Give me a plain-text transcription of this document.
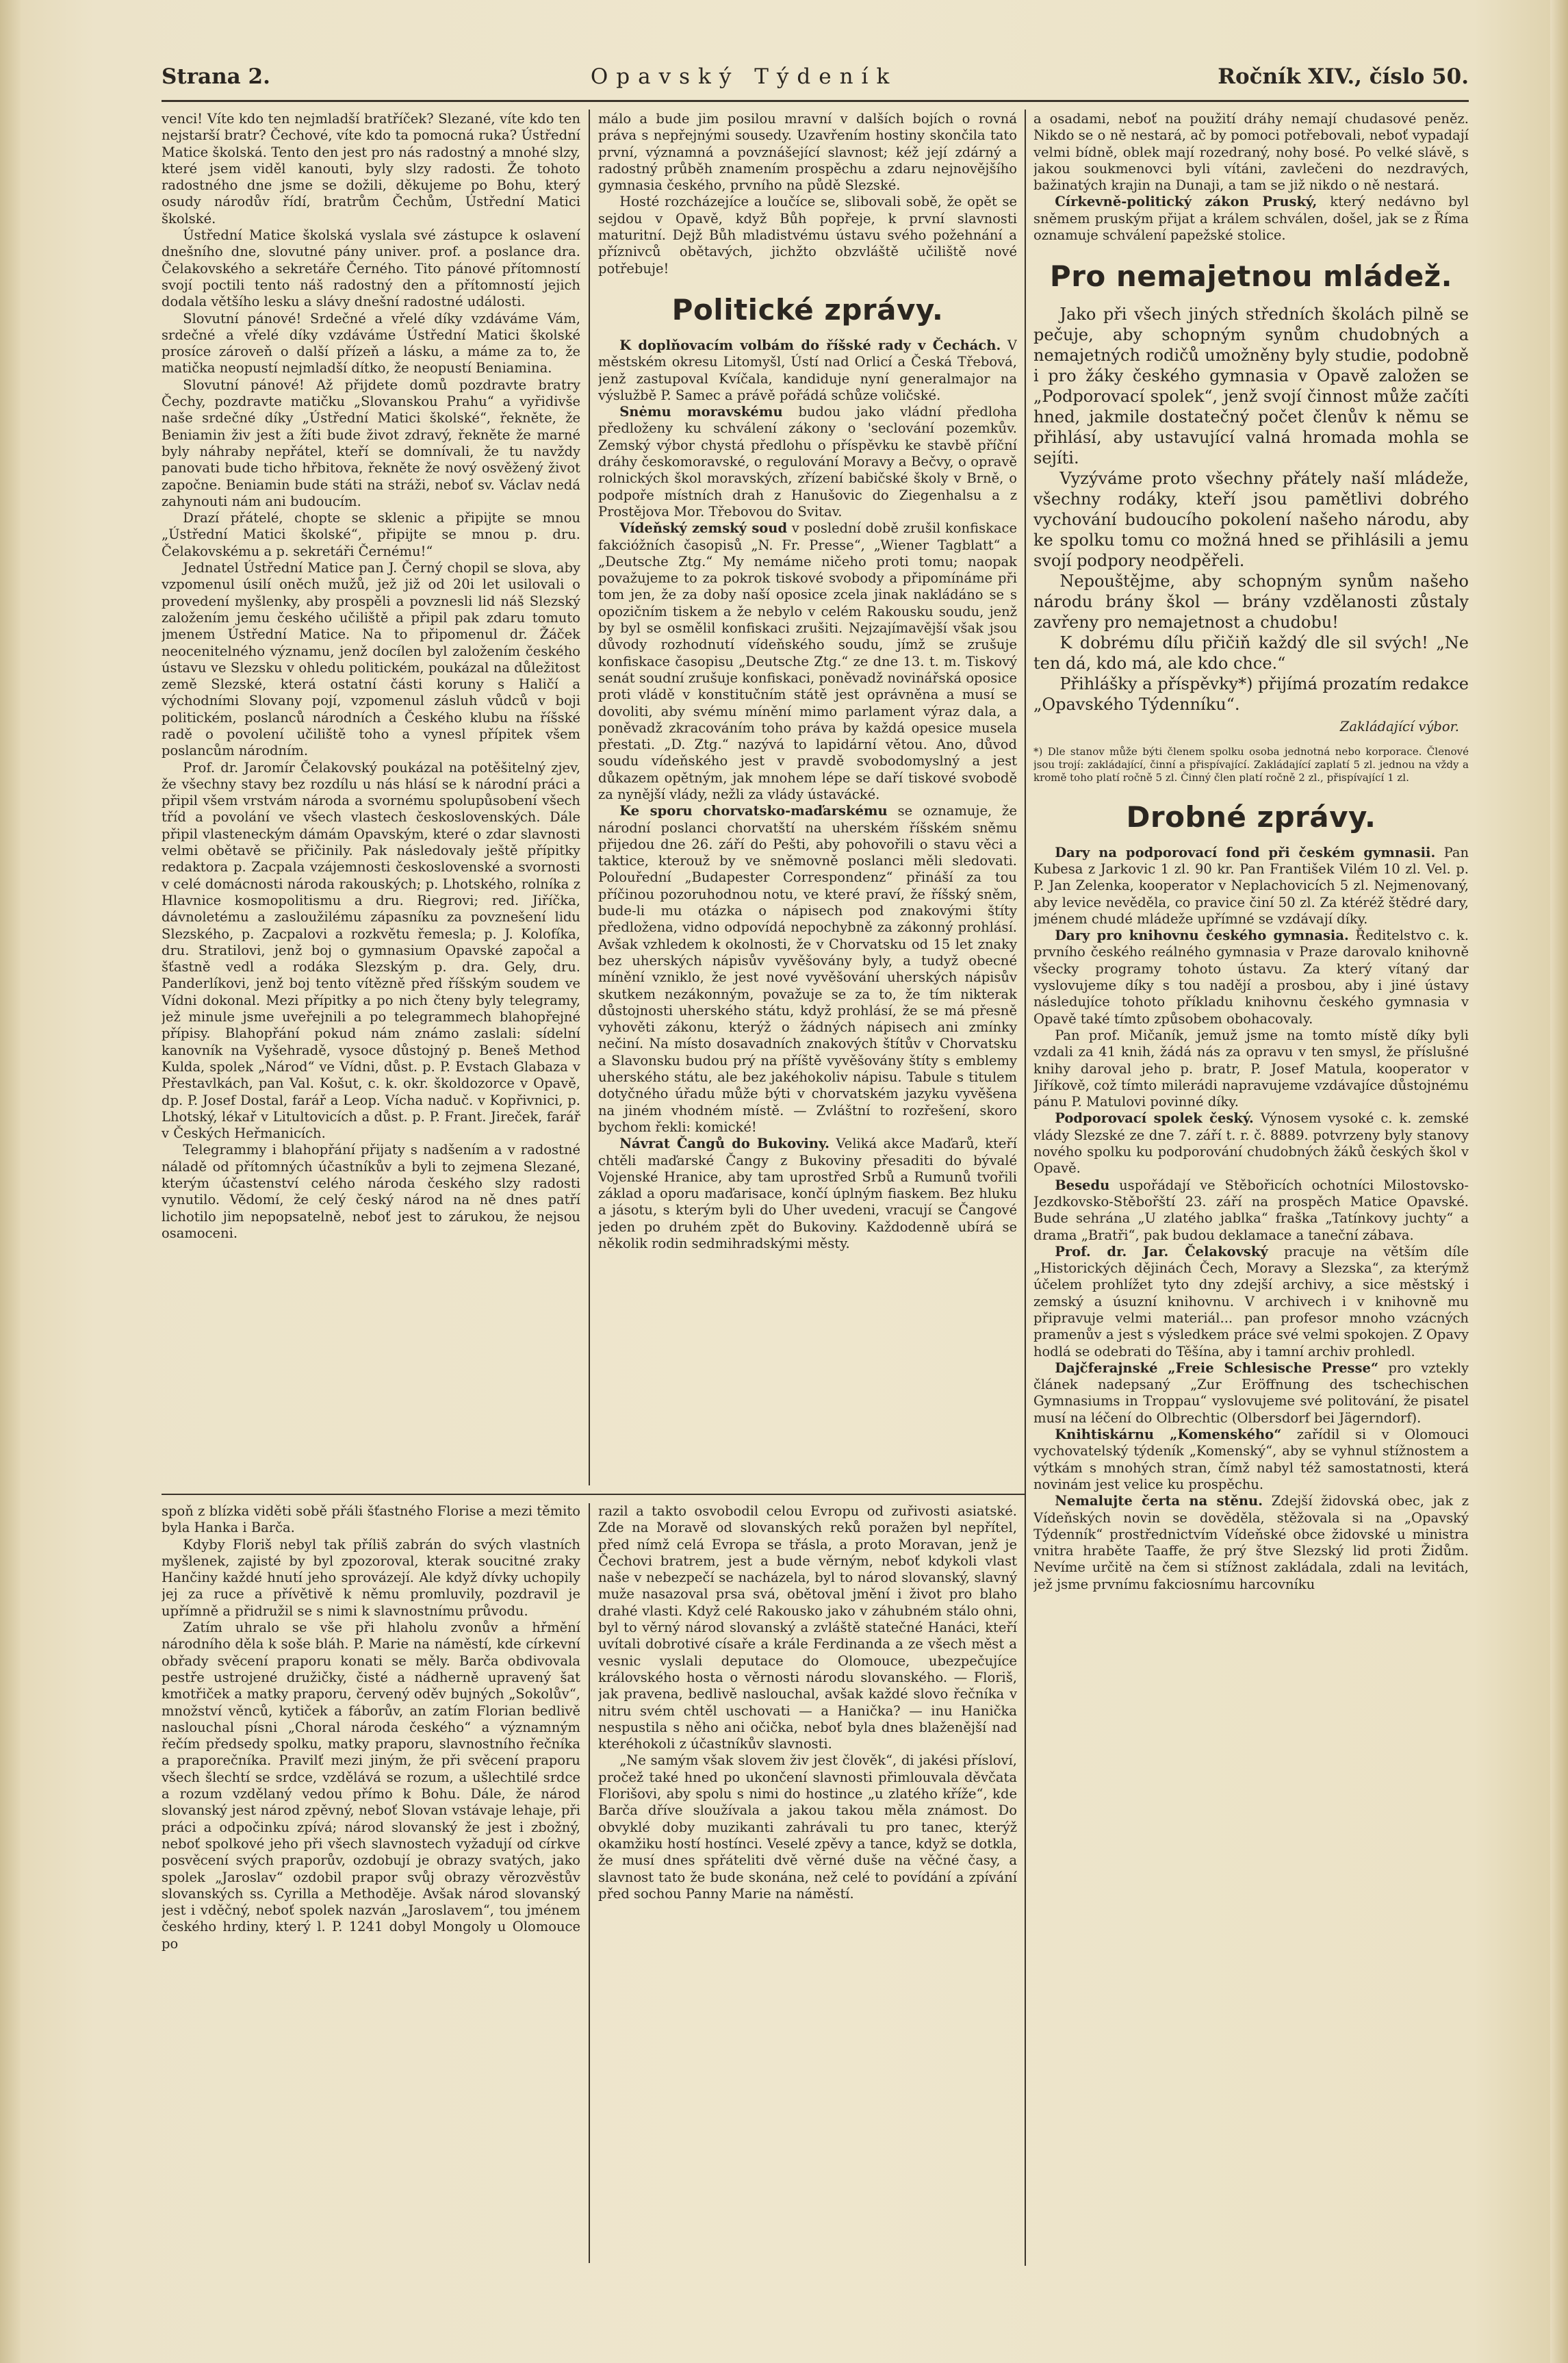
Strana 2.	Opavský Týdeník	Ročník XIV., číslo 50.

venci! Víte kdo ten nejmladší bratříček? Slezané, víte kdo ten nejstarší bratr? Čechové, víte kdo ta pomocná ruka? Ústřední Matice školská. Tento den jest pro nás radostný a mnohé slzy, které jsem viděl kanouti, byly slzy radosti. Že tohoto radostného dne jsme se dožili, děkujeme po Bohu, který osudy národův řídí, bratrům Čechům, Ústřední Matici školské.

Ústřední Matice školská vyslala své zástupce k oslavení dnešního dne, slovutné pány univer. prof. a poslance dra. Čelakovského a sekretáře Černého. Tito pánové přítomností svojí poctili tento náš radostný den a přítomností jejich dodala většího lesku a slávy dnešní radostné události.

Slovutní pánové! Srdečné a vřelé díky vzdáváme Vám, srdečné a vřelé díky vzdáváme Ústřední Matici školské prosíce zároveň o další přízeň a lásku, a máme za to, že matička neopustí nejmladší dítko, že neopustí Beniamina.

Slovutní pánové! Až přijdete domů pozdravte bratry Čechy, pozdravte matičku „Slovanskou Prahu“ a vyřidivše naše srdečné díky „Ústřední Matici školské“, řekněte, že Beniamin živ jest a žíti bude život zdravý, řekněte že marné byly náhraby nepřátel, kteří se domnívali, že tu navždy panovati bude ticho hřbitova, řekněte že nový osvěžený život započne. Beniamin bude státi na stráži, neboť sv. Václav nedá zahynouti nám ani budoucím.

Drazí přátelé, chopte se sklenic a připijte se mnou „Ústřední Matici školské“, připijte se mnou p. dru. Čelakovskému a p. sekretáři Černému!“

Jednatel Ústřední Matice pan J. Černý chopil se slova, aby vzpomenul úsilí oněch mužů, jež již od 20i let usilovali o provedení myšlenky, aby prospěli a povznesli lid náš Slezský založením jemu českého učiliště a připil pak zdaru tomuto jmenem Ústřední Matice. Na to připomenul dr. Žáček neocenitelného významu, jenž docílen byl založením českého ústavu ve Slezsku v ohledu politickém, poukázal na důležitost země Slezské, která ostatní části koruny s Haličí a východními Slovany pojí, vzpomenul zásluh vůdců v boji politickém, poslanců národních a Českého klubu na říšské radě o povolení učiliště toho a vynesl přípitek všem poslancům národním.

Prof. dr. Jaromír Čelakovský poukázal na potěšitelný zjev, že všechny stavy bez rozdílu u nás hlásí se k národní práci a připil všem vrstvám národa a svornému spolupůsobení všech tříd a povolání ve všech vlastech československých. Dále připil vlasteneckým dámám Opavským, které o zdar slavnosti velmi obětavě se přičinily. Pak následovaly ještě přípitky redaktora p. Zacpala vzájemnosti československé a svornosti v celé domácnosti národa rakouských; p. Lhotského, rolníka z Hlavnice kosmopolitismu a dru. Riegrovi; red. Jiříčka, dávnoletému a zasloužilému zápasníku za povznešení lidu Slezského, p. Zacpalovi a rozkvětu řemesla; p. J. Kolofíka, dru. Stratilovi, jenž boj o gymnasium Opavské započal a šťastně vedl a rodákа Slezským p. dra. Gely, dru. Panderlíkovi, jenž boj tento vítězně před říšským soudem ve Vídni dokonal. Mezi přípitky a po nich čteny byly telegramy, jež minule jsme uveřejnili a po telegrammech blahopřejné přípisy. Blahopřání pokud nám známo zaslali: sídelní kanovník na Vyšehradě, vysoce důstojný p. Beneš Method Kulda, spolek „Národ“ ve Vídni, důst. p. P. Evstach Glabaza v Přestavlkách, pan Val. Košut, c. k. okr. školdozorce v Opavě, dp. P. Josef Dostal, farář a Leop. Vícha naduč. v Kopřivnici, p. Lhotský, lékař v Litultovicích a důst. p. P. Frant. Jireček, farář v Českých Heřmanicích.

Telegrammy i blahopřání přijaty s nadšením a v radostné náladě od přítomných účastníkův a byli to zejmena Slezané, kterým účastenství celého národa českého slzy radosti vynutilo. Vědomí, že celý český národ na ně dnes patří lichotilo jim nepopsatelně, neboť jest to zárukou, že nejsou osamoceni.

málo a bude jim posilou mravní v dalších bojích o rovná práva s nepřejnými sousedy. Uzavřením hostiny skončila tato první, významná a povznášející slavnost; kéž její zdárný a radostný průběh znamením prospěchu a zdaru nejnovějšího gymnasia českého, prvního na půdě Slezské.

Hosté rozcházejíce a loučíce se, slibovali sobě, že opět se sejdou v Opavě, když Bůh popřeje, k první slavnosti maturitní. Dejž Bůh mladistvému ústavu svého požehnání a příznivců obětavých, jichžto obzvláště učiliště nové potřebuje!

Politické zprávy.

K doplňovacím volbám do říšské rady v Čechách. V městském okresu Litomyšl, Ústí nad Orlicí a Česká Třebová, jenž zastupoval Kvíčala, kandiduje nyní generalmajor na výslužbě P. Samec a právě pořádá schůze voličské.

Snėmu moravskému budou jako vládní předloha předloženy ku schválení zákony o 'seclování pozemkův. Zemský výbor chystá předlohu o příspěvku ke stavbě příční dráhy českomoravské, o regulování Moravy a Bečvy, o opravě rolnických škol moravských, zřízení babičské školy v Brně, o podpoře místních drah z Hanušovic do Ziegenhalsu a z Prostějova Mor. Třebovou do Svitav.

Vídeňský zemský soud v poslední době zrušil konfiskace fakcióžních časopisů „N. Fr. Presse“, „Wiener Tagblatt“ a „Deutsche Ztg.“ My nemáme ničeho proti tomu; naopak považujeme to za pokrok tiskové svobody a připomínáme při tom jen, že za doby naší oposice zcela jinak nakládáno se s opozičním tiskem a že nebylo v celém Rakousku soudu, jenž by byl se osmělil konfiskaci zrušiti. Nejzajímavější však jsou důvody rozhodnutí vídeňského soudu, jímž se zrušuje konfiskace časopisu „Deutsche Ztg.“ ze dne 13. t. m. Tiskový senát soudní zrušuje konfiskaci, poněvadž novinářská oposice proti vládě v konstitučním státě jest oprávněna a musí se dovoliti, aby svému mínění mimo parlament výraz dala, a poněvadž zkracováním toho práva by každá opesice musela přestati. „D. Ztg.“ nazývá to lapidární větou. Ano, důvod soudu vídeňského jest v pravdě svobodomyslný a jest důkazem opětným, jak mnohem lépe se daří tiskové svobodě za nynější vlády, nežli za vlády ústavácké.

Ke sporu chorvatsko-maďarskému se oznamuje, že národní poslanci chorvatští na uherském říšském sněmu přijedou dne 26. září do Pešti, aby pohovořili o stavu věci a taktice, kterouž by ve sněmovně poslanci měli sledovati. Polouřední „Budapester Correspondenz“ přináší za tou příčinou pozoruhodnou notu, ve které praví, že říšský sněm, bude-li mu otázka o nápisech pod znakovými štíty předložena, vidno odpovídá nepochybně za zákonný prohlásí. Avšak vzhledem k okolnosti, že v Chorvatsku od 15 let znaky bez uherských nápisův vyvěšovány byly, a tudyž obecné mínění vzniklo, že jest nové vyvěšování uherských nápisův skutkem nezákonným, považuje se za to, že tím nikterak důstojnosti uherského státu, když prohlásí, že se má přesně vyhověti zákonu, kterýž o žádných nápisech ani zmínky nečiní. Na místo dosavadních znakových štítův v Chorvatsku a Slavonsku budou prý na příště vyvěšovány štíty s emblemy uherského státu, ale bez jakéhokoliv nápisu. Tabule s titulem dotyčného úřadu může býti v chorvatském jazyku vyvěšena na jiném vhodném místě. — Zvláštní to rozřešení, skoro bychom řekli: komické!

Návrat Čangů do Bukoviny. Veliká akce Maďarů, kteří chtěli maďarské Čangy z Bukoviny přesaditi do bývalé Vojenské Hranice, aby tam uprostřed Srbů a Rumunů tvořili základ a oporu maďarisace, končí úplným fiaskem. Bez hluku a jásotu, s kterým byli do Uher uvedeni, vracují se Čangové jeden po druhém zpět do Bukoviny. Každodenně ubírá se několik rodin sedmihradskými městy.

a osadami, neboť na použití dráhy nemají chudasové peněz. Nikdo se o ně nestará, ač by pomoci potřebovali, neboť vypadají velmi bídně, oblek mají rozedraný, nohy bosé. Po velké slávě, s jakou soukmenovci byli vítáni, zavlečeni do nezdravých, bažinatých krajin na Dunaji, a tam se již nikdo o ně nestará.

Církevně-politický zákon Pruský, který nedávno byl sněmem pruským přijat a králem schválen, došel, jak se z Říma oznamuje schválení papežské stolice.

Pro nemajetnou mládež.

Jako při všech jiných středních školách pilně se pečuje, aby schopným synům chudobných a nemajetných rodičů umožněny byly studie, podobně i pro žáky českého gymnasia v Opavě založen se „Podporovací spolek“, jenž svojí činnost může začíti hned, jakmile dostatečný počet členův k němu se přihlásí, aby ustavující valná hromada mohla se sejíti.

Vyzýváme proto všechny přátely naší mládeže, všechny rodáky, kteří jsou pamětlivi dobrého vychování budoucího pokolení našeho národu, aby ke spolku tomu co možná hned se přihlásili a jemu svojí podpory neodpěřeli.

Nepouštějme, aby schopným synům našeho národu brány škol — brány vzdělanosti zůstaly zavřeny pro nemajetnost a chudobu!

K dobrému dílu přičiň každý dle sil svých! „Ne ten dá, kdo má, ale kdo chce.“

Přihlášky a příspěvky*) přijímá prozatím redakce „Opavského Týdenníku“.

Zakládající výbor.
*) Dle stanov může býti členem spolku osoba jednotná nebo korporace. Členové jsou trojí: zakládající, činní a přispívající. Zakládající zaplatí 5 zl. jednou na vždy a kromě toho platí ročně 5 zl. Činný člen platí ročně 2 zl., přispívající 1 zl.
Drobné zprávy.

Dary na podporovací fond při českém gymnasii. Pan Kubesa z Jarkovic 1 zl. 90 kr. Pan František Vilém 10 zl. Vel. p. P. Jan Zelenka, kooperator v Neplachovicích 5 zl. Nejmenovaný, aby levice nevěděla, co pravice činí 50 zl. Za ktéréž štědré dary, jménem chudé mládeže upřímné se vzdávají díky.

Dary pro knihovnu českého gymnasia. Ředitelstvo c. k. prvního českého reálného gymnasia v Praze darovalo knihovně všecky programy tohoto ústavu. Za který vítaný dar vyslovujeme díky s tou nadějí a prosbou, aby i jiné ústavy následujíce tohoto příkladu knihovnu českého gymnasia v Opavě také tímto způsobem obohacovaly.

Pan prof. Mičaník, jemuž jsme na tomto místě díky byli vzdali za 41 knih, žádá nás za opravu v ten smysl, že příslušné knihy daroval jeho p. bratr, P. Josef Matula, kooperator v Jiříkově, což tímto milerádi napravujeme vzdávajíce důstojnému pánu P. Matulovi povinné díky.

Podporovací spolek český. Výnosem vysoké c. k. zemské vlády Slezské ze dne 7. září t. r. č. 8889. potvrzeny byly stanovy nového spolku ku podporování chudobných žáků českých škol v Opavě.

Besedu uspořádají ve Stěbořicích ochotníci Milostovsko-Jezdkovsko-Stěbořští 23. září na prospěch Matice Opavské. Bude sehrána „U zlatého jablka“ fraška „Tatínkovy juchty“ a drama „Bratři“, pak budou deklamace a taneční zábava.

Prof. dr. Jar. Čelakovský pracuje na větším díle „Historických dějinách Čech, Moravy a Slezska“, za kterýmž účelem prohlížet tyto dny zdejší archivy, a sice městský i zemský a úsuzní knihovnu. V archivech i v knihovně mu připravuje velmi materiál... pan profesor mnoho vzácných pramenův a jest s výsledkem práce své velmi spokojen. Z Opavy hodlá se odebrati do Těšína, aby i tamní archiv prohledl.

Dajčferajnské „Freie Schlesische Presse“ pro vztekly článek nadepsaný „Zur Eröffnung des tschechischen Gymnasiums in Troppau“ vyslovujeme své politování, že pisatel musí na léčení do Olbrechtic (Olbersdorf bei Jägerndorf).

Knihtiskárnu „Komenského“ zařídil si v Olomouci vychovatelský týdeník „Komenský“, aby se vyhnul stížnostem a výtkám s mnohých stran, čímž nabyl též samostatnosti, která novinám jest velice ku prospěchu.

Nemalujte čerta na stěnu. Zdejší židovská obec, jak z Vídeňských novin se dověděla, stěžovala si na „Opavský Týdenník“ prostřednictvím Vídeňské obce židovské u ministra vnitra hraběte Taaffe, že prý štve Slezský lid proti Židům. Nevíme určitě na čem si stížnost zakládala, zdali na levitách, jež jsme prvnímu fakciosnímu harcovníku

spoň z blízka viděti sobě přáli šťastného Florise a mezi těmito byla Hanka i Barča.

Kdyby Floriš nebyl tak příliš zabrán do svých vlastních myšlenek, zajisté by byl zpozoroval, kterak soucitné zraky Hančiny každé hnutí jeho sprovázejí. Ale když dívky uchopily jej za ruce a přívětivě k němu promluvily, pozdravil je upřímně a přidružil se s nimi k slavnostnímu průvodu.

Zatím uhralo se vše při hlaholu zvonův a hřmění národního děla k soše bláh. P. Marie na náměstí, kde církevní obřady svěcení praporu konati se měly. Barča obdivovala pestře ustrojené družičky, čisté a nádherně upravený šat kmotřiček a matky praporu, červený oděv bujných „Sokolův“, množství věnců, kytiček a fáborův, an zatím Florian bedlivě naslouchal písni „Choral národa českého“ a významným řečím předsedy spolku, matky praporu, slavnostního řečníka a praporečníka. Pravilť mezi jiným, že při svěcení praporu všech šlechtí se srdce, vzdělává se rozum, a ušlechtilé srdce a rozum vzdělaný vedou přímo k Bohu. Dále, že národ slovanský jest národ zpěvný, neboť Slovan vstávaje lehaje, při práci a odpočinku zpívá; národ slovanský že jest i zbožný, neboť spolkové jeho při všech slavnostech vyžadují od církve posvěcení svých praporův, ozdobují je obrazy svatých, jako spolek „Jaroslav“ ozdobil prapor svůj obrazy věrozvěstův slovanských ss. Cyrilla a Methoděje. Avšak národ slovanský jest i vděčný, neboť spolek nazván „Jaroslavem“, tou jménem českého hrdiny, který l. P. 1241 dobyl Mongoly u Olomouce po

razil a takto osvobodil celou Evropu od zuřivosti asiatské. Zde na Moravě od slovanských reků poražen byl nepřítel, před nímž celá Evropa se třásla, a proto Moravan, jenž je Čechovi bratrem, jest a bude věrným, neboť kdykoli vlast naše v nebezpečí se nacházela, byl to národ slovanský, slavný muže nasazoval prsa svá, obětoval jmění i život pro blaho drahé vlasti. Když celé Rakousko jako v záhubném stálo ohni, byl to věrný národ slovanský a zvláště statečné Hanáci, kteří uvítali dobrotivé císaře a krále Ferdinanda a ze všech měst a vesnic vyslali deputace do Olomouce, ubezpečujíce královského hosta o věrnosti národu slovanského. — Floriš, jak pravena, bedlivě naslouchal, avšak každé slovo řečníka v nitru svém chtěl uschovati — a Hanička? — inu Hanička nespustila s něho ani očička, neboť byla dnes blaženější nad kteréhokoli z účastníkův slavnosti.

„Ne samým však slovem živ jest člověk“, di jakési přísloví, pročež také hned po ukončení slavnosti přimlouvala děvčata Florišovi, aby spolu s nimi do hostince „u zlatého kříže“, kde Barča dříve sloužívala a jakou takou měla známost. Do obvyklé doby muzikanti zahrávali tu pro tanec, kterýž okamžiku hostí hostínci. Veselé zpěvy a tance, když se dotkla, že musí dnes spřáteliti dvě věrné duše na věčné časy, a slavnost tato že bude skonána, než celé to povídání a zpívání před sochou Panny Marie na náměstí.
